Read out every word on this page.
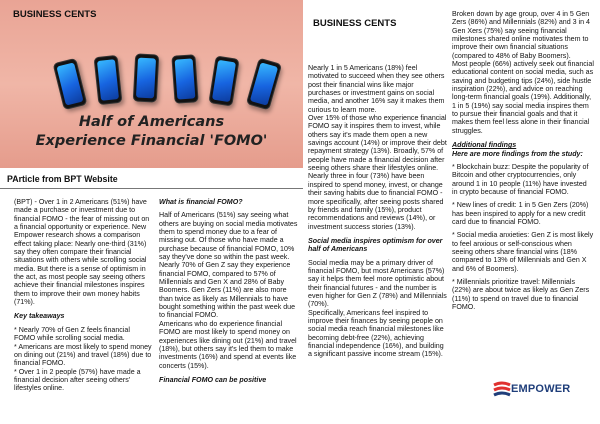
BUSINESS CENTS
Half of Americans
Experience Financial 'FOMO'
PArticle from BPT Website

(BPT) - Over 1 in 2 Americans (51%) have made a purchase or investment due to financial FOMO - the fear of missing out on a financial opportunity or experience. New Empower research shows a comparison effect taking place: Nearly one-third (31%) say they often compare their financial situations with others while scrolling social media. But there is a sense of optimism in the act, as most people say seeing others achieve their financial milestones inspires them to improve their own money habits (71%).

Key takeaways

* Nearly 70% of Gen Z feels financial FOMO while scrolling social media.

* Americans are most likely to spend money on dining out (21%) and travel (18%) due to financial FOMO.

* Over 1 in 2 people (57%) have made a financial decision after seeing others' lifestyles online.

What is financial FOMO?

Half of Americans (51%) say seeing what others are buying on social media motivates them to spend money due to a fear of missing out. Of those who have made a purchase because of financial FOMO, 10% say they've done so within the past week.

Nearly 70% of Gen Z say they experience financial FOMO, compared to 57% of Millennials and Gen X and 28% of Baby Boomers. Gen Zers (11%) are also more than twice as likely as Millennials to have bought something within the past week due to financial FOMO.

Americans who do experience financial FOMO are most likely to spend money on experiences like dining out (21%) and travel (18%), but others say it's led them to make investments (16%) and spend at events like concerts (15%).

Financial FOMO can be positive

BUSINESS CENTS

Nearly 1 in 5 Americans (18%) feel motivated to succeed when they see others post their financial wins like major purchases or investment gains on social media, and another 16% say it makes them curious to learn more.

Over 15% of those who experience financial FOMO say it inspires them to invest, while others say it's made them open a new savings account (14%) or improve their debt repayment strategy (13%). Broadly, 57% of people have made a financial decision after seeing others share their lifestyles online.

Nearly three in four (73%) have been inspired to spend money, invest, or change their saving habits due to financial FOMO - more specifically, after seeing posts shared by friends and family (15%), product recommendations and reviews (14%), or investment success stories (13%).

Social media inspires optimism for over half of Americans

Social media may be a primary driver of financial FOMO, but most Americans (57%) say it helps them feel more optimistic about their financial futures - and the number is even higher for Gen Z (78%) and Millennials (70%).

Specifically, Americans feel inspired to improve their finances by seeing people on social media reach financial milestones like becoming debt-free (22%), achieving financial independence (16%), and building a significant passive income stream (15%).

Broken down by age group, over 4 in 5 Gen Zers (86%) and Millennials (82%) and 3 in 4 Gen Xers (75%) say seeing financial milestones shared online motivates them to improve their own financial situations (compared to 48% of Baby Boomers).

Most people (66%) actively seek out financial educational content on social media, such as saving and budgeting tips (24%), side hustle inspiration (22%), and advice on reaching long-term financial goals (19%). Additionally, 1 in 5 (19%) say social media inspires them to pursue their financial goals and that it makes them feel less alone in their financial struggles.

Additional findings

Here are more findings from the study:

* Blockchain buzz: Despite the popularity of Bitcoin and other cryptocurrencies, only around 1 in 10 people (11%) have invested in crypto because of financial FOMO.

* New lines of credit: 1 in 5 Gen Zers (20%) has been inspired to apply for a new credit card due to financial FOMO.

* Social media anxieties: Gen Z is most likely to feel anxious or self-conscious when seeing others share financial wins (18% compared to 13% of Millennials and Gen X and 6% of Boomers).

* Millennials prioritize travel: Millennials (22%) are about twice as likely as Gen Zers (11%) to spend on travel due to financial FOMO.

EMPOWER
